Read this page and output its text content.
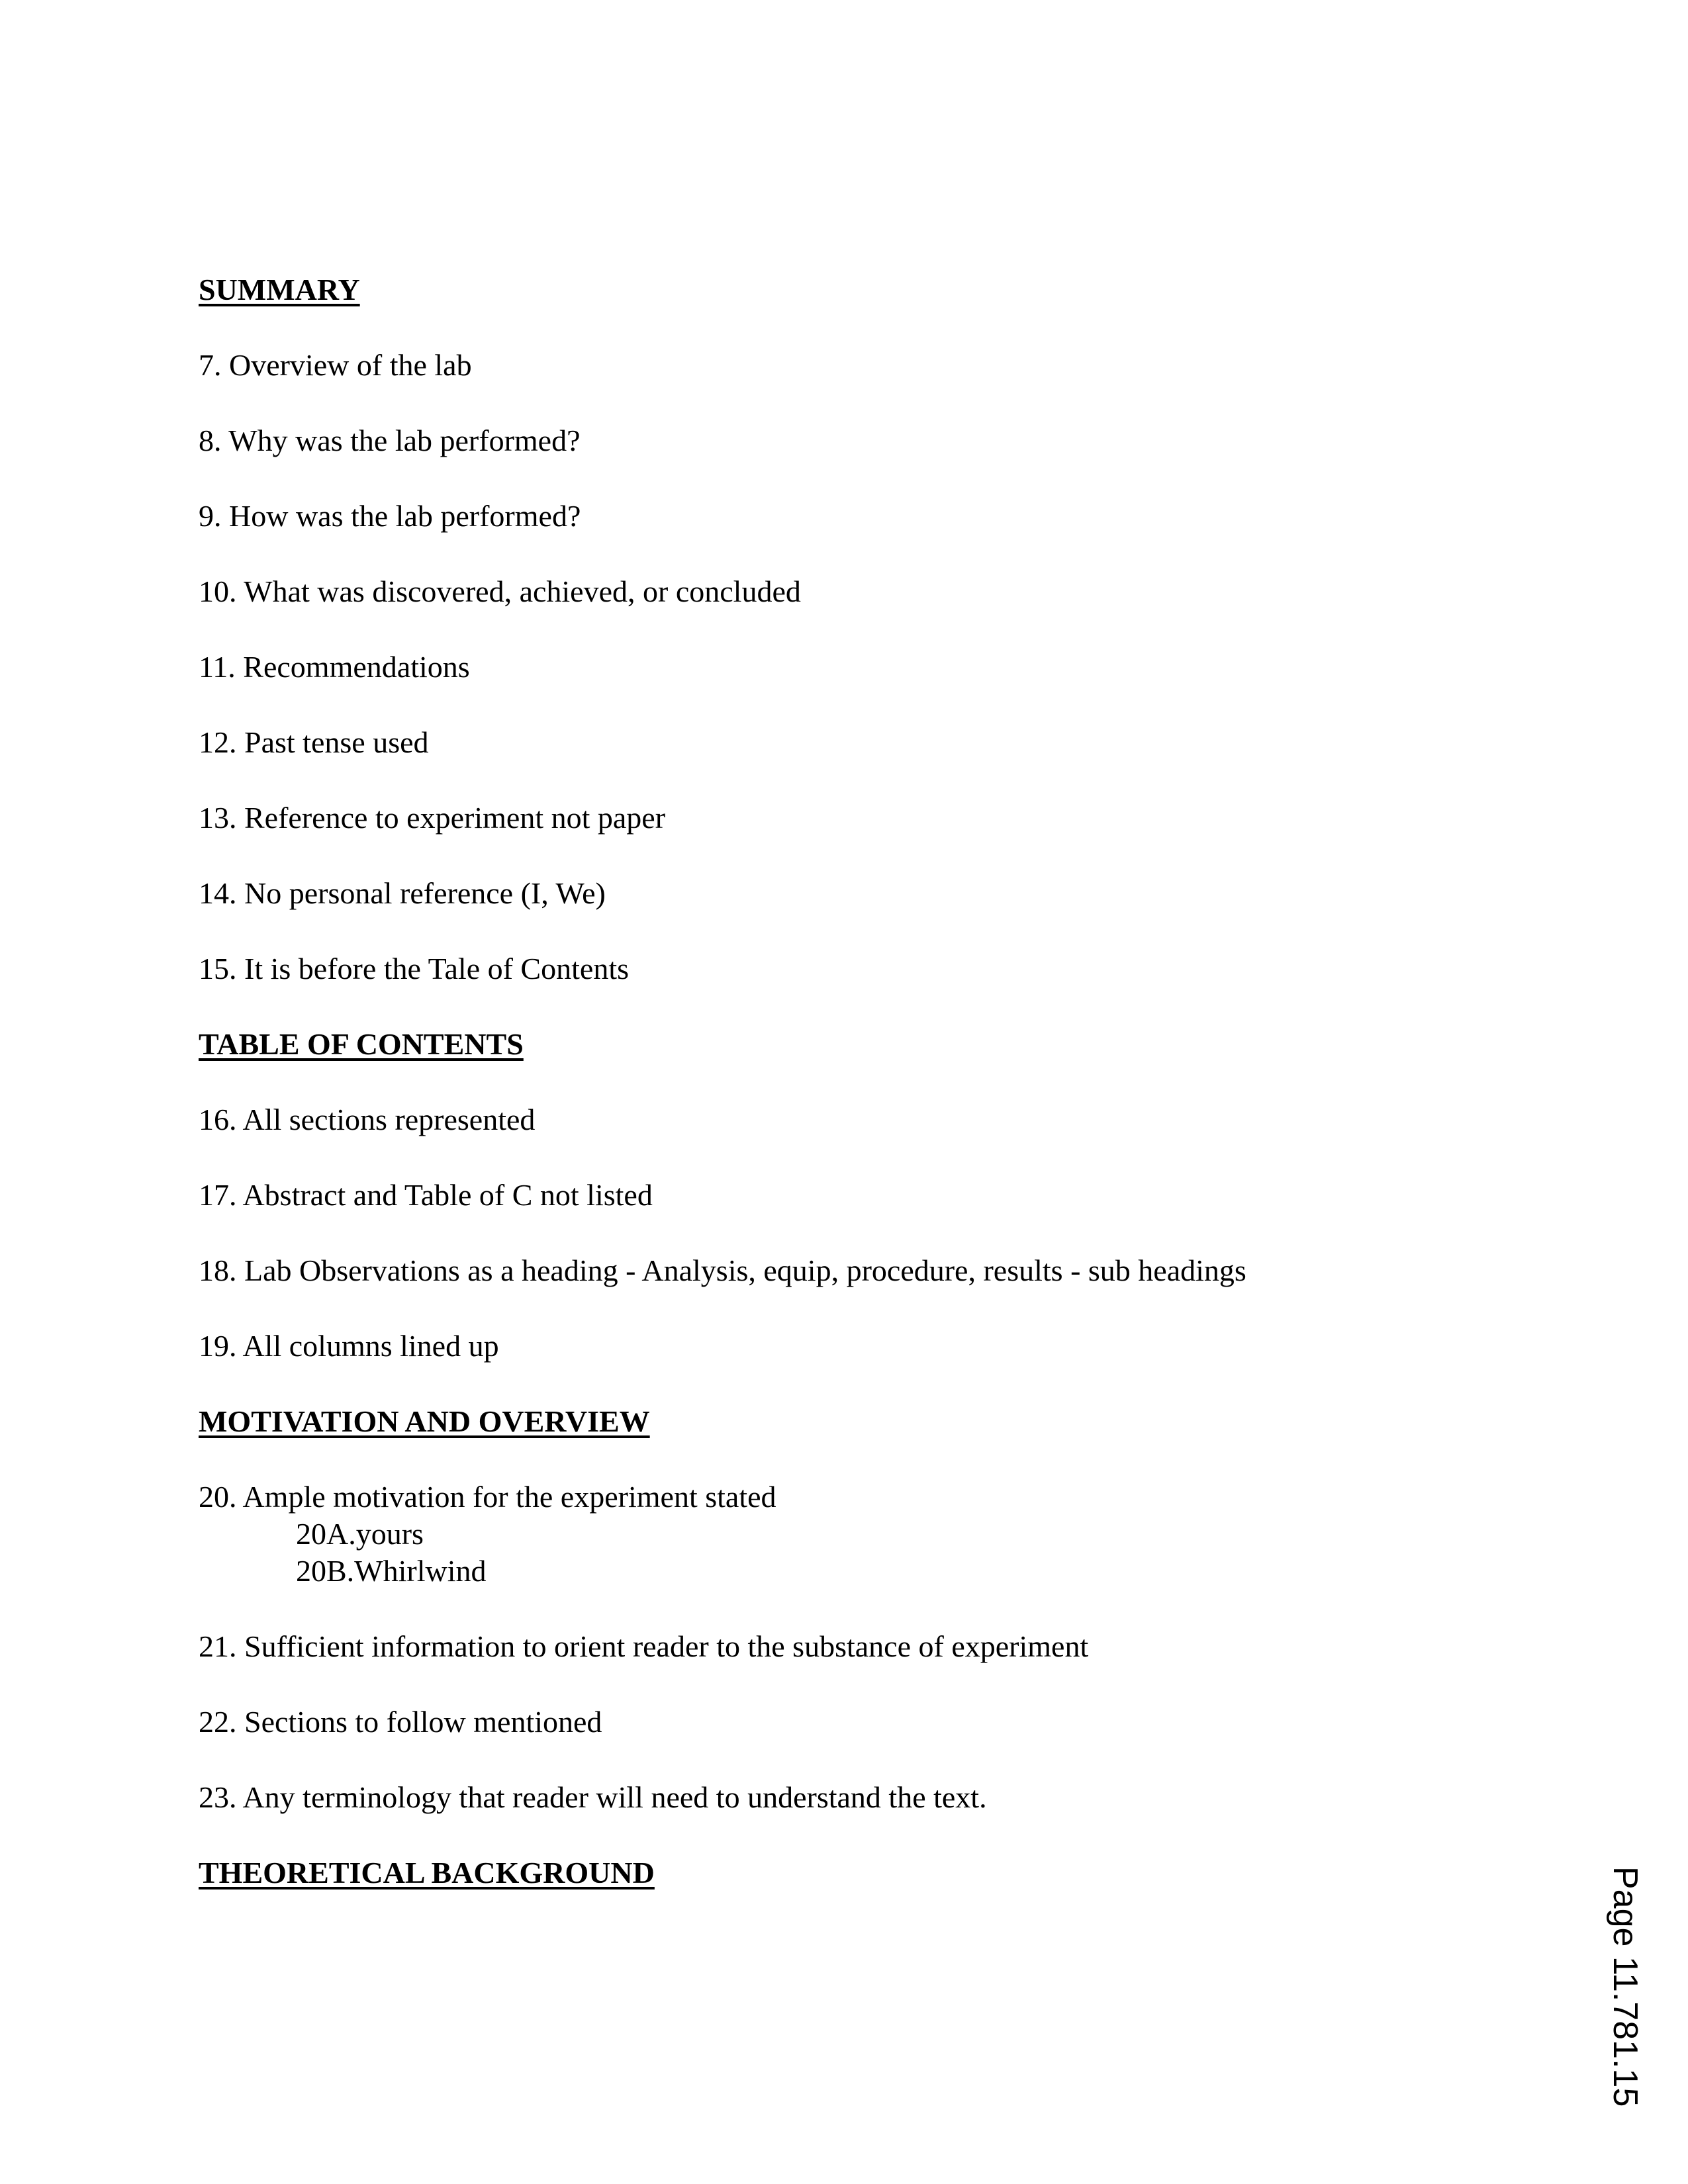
SUMMARY
7. Overview of the lab
8. Why was the lab performed?
9. How was the lab performed?
10. What was discovered, achieved, or concluded
11. Recommendations
12. Past tense used
13. Reference to experiment not paper
14. No personal reference (I, We)
15. It is before the Tale of Contents
TABLE OF CONTENTS
16. All sections represented
17. Abstract and Table of C not listed
18. Lab Observations as a heading - Analysis, equip, procedure, results - sub headings
19. All columns lined up
MOTIVATION AND OVERVIEW
20. Ample motivation for the experiment stated
20A.yours
20B.Whirlwind
21. Sufficient information to orient reader to the substance of experiment
22. Sections to follow mentioned
23. Any terminology that reader will need to understand the text.
THEORETICAL BACKGROUND	Page 11.781.15
